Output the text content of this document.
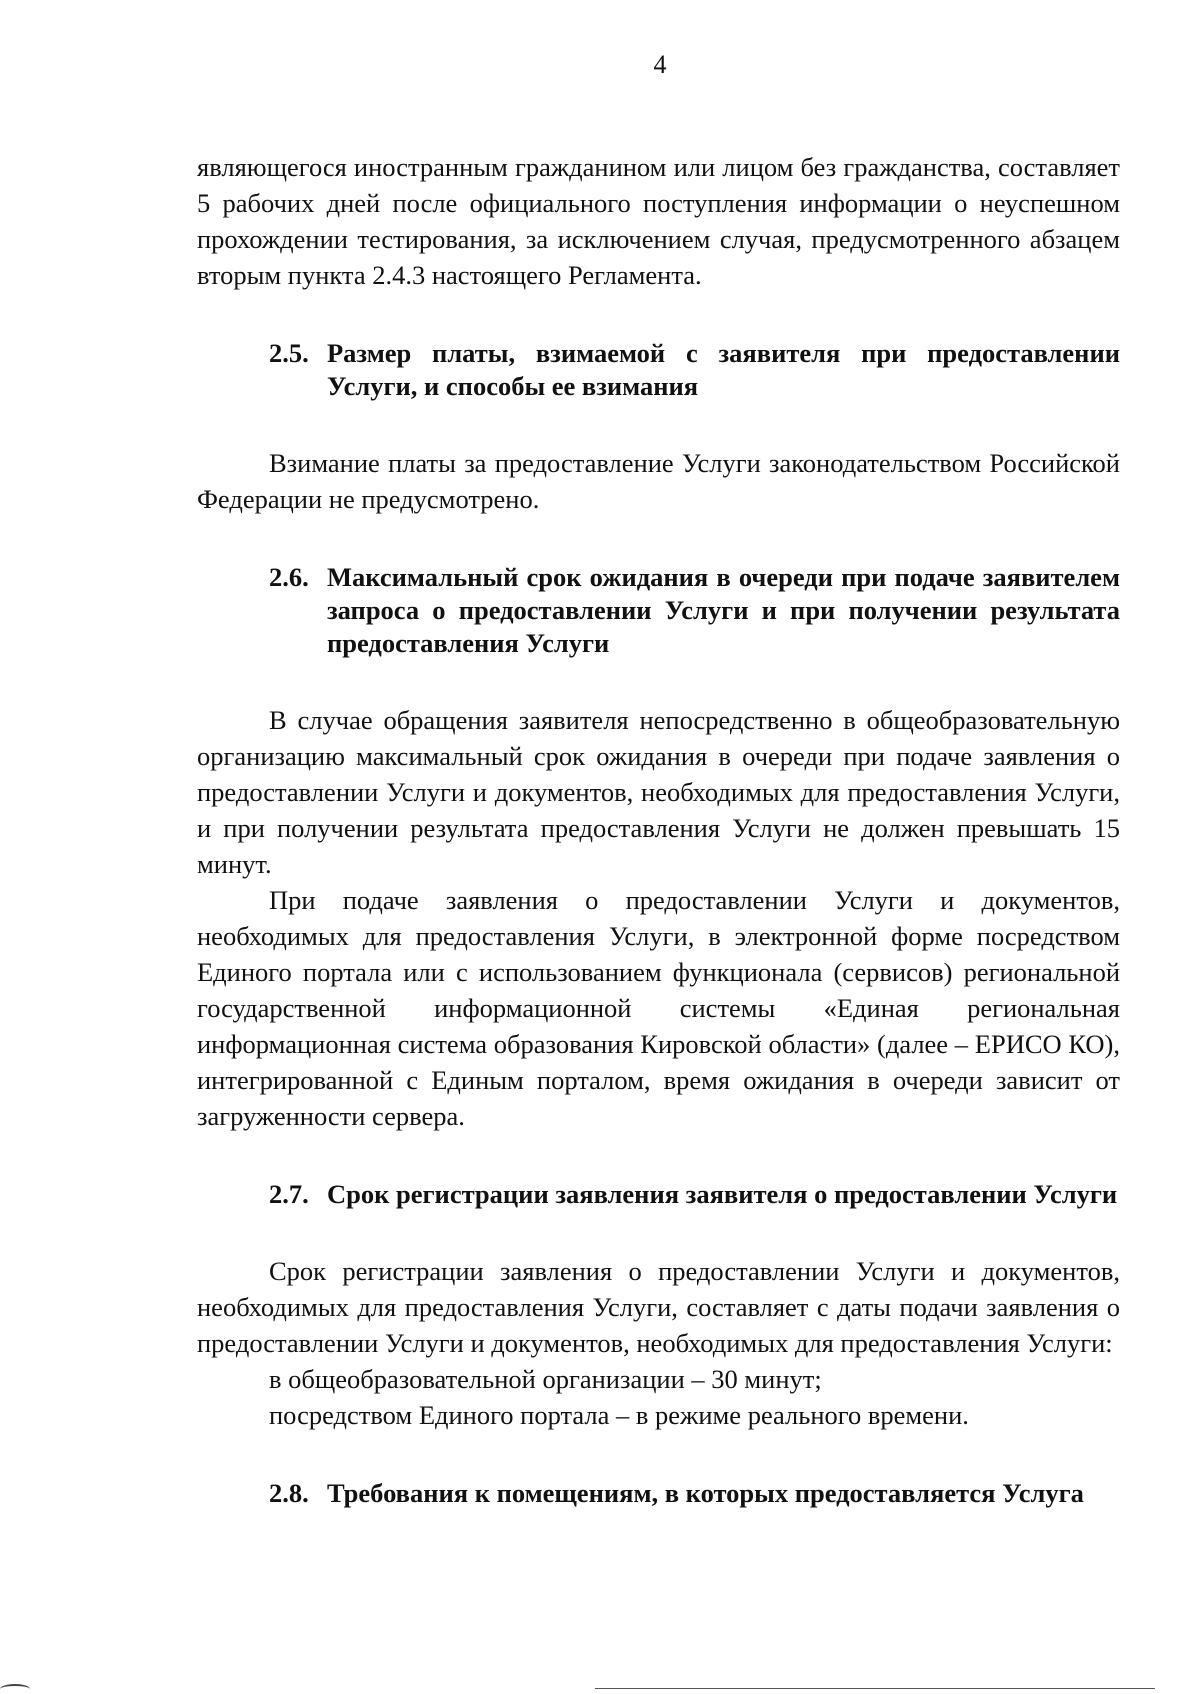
4

являющегося иностранным гражданином или лицом без гражданства, составляет 5 рабочих дней после официального поступления информации о неуспешном прохождении тестирования, за исключением случая, предусмотренного абзацем вторым пункта 2.4.3 настоящего Регламента.

2.5. Размер платы, взимаемой с заявителя при предоставлении Услуги, и способы ее взимания

Взимание платы за предоставление Услуги законодательством Российской Федерации не предусмотрено.

2.6. Максимальный срок ожидания в очереди при подаче заявителем запроса о предоставлении Услуги и при получении результата предоставления Услуги

В случае обращения заявителя непосредственно в общеобразовательную организацию максимальный срок ожидания в очереди при подаче заявления о предоставлении Услуги и документов, необходимых для предоставления Услуги, и при получении результата предоставления Услуги не должен превышать 15 минут.

При подаче заявления о предоставлении Услуги и документов, необходимых для предоставления Услуги, в электронной форме посредством Единого портала или с использованием функционала (сервисов) региональной государственной информационной системы «Единая региональная информационная система образования Кировской области» (далее – ЕРИСО КО), интегрированной с Единым порталом, время ожидания в очереди зависит от загруженности сервера.

2.7. Срок регистрации заявления заявителя о предоставлении Услуги

Срок регистрации заявления о предоставлении Услуги и документов, необходимых для предоставления Услуги, составляет с даты подачи заявления о предоставлении Услуги и документов, необходимых для предоставления Услуги:

в общеобразовательной организации – 30 минут;

посредством Единого портала – в режиме реального времени.

2.8. Требования к помещениям, в которых предоставляется Услуга
